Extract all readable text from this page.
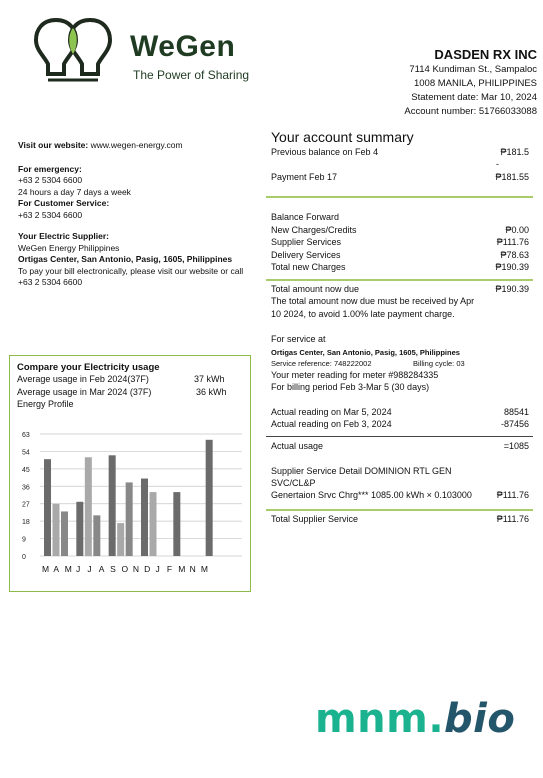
WeGen
The Power of Sharing
DASDEN RX INC
7114 Kundiman St., Sampaloc
1008 MANILA, PHILIPPINES
Statement date: Mar 10, 2024
Account number: 51766033088
Visit our website: www.wegen-energy.com
For emergency:
+63 2 5304 6600
24 hours a day 7 days a week
For Customer Service:
+63 2 5304 6600
Your Electric Supplier:
WeGen Energy Philippines
Ortigas Center, San Antonio, Pasig, 1605, Philippines
To pay your bill electronically, please visit our website or call
+63 2 5304 6600
Your account summary
Previous balance on Feb 4	₱181.5
-
Payment Feb 17	₱181.55
Balance Forward
New Charges/Credits	₱0.00
Supplier Services	₱111.76
Delivery Services	₱78.63
Total new Charges	₱190.39
Total amount now due	₱190.39
The total amount now due must be received by Apr
10 2024, to avoid 1.00% late payment charge.
For service at
Ortigas Center, San Antonio, Pasig, 1605, Philippines
Service reference: 748222002	Billing cycle: 03
Your meter reading for meter #988284335
For billing period Feb 3-Mar 5 (30 days)
Actual reading on Mar 5, 2024	88541
Actual reading on Feb 3, 2024	-87456
Actual usage	=1085
Supplier Service Detail DOMINION RTL GEN
SVC/CL&P
Genertaion Srvc Chrg*** 1085.00 kWh × 0.103000	₱111.76
Total Supplier Service	₱111.76
Compare your Electricity usage
Average usage in Feb 2024(37F)	37 kWh
Average usage in Mar 2024 (37F)	36 kWh
Energy Profile
0
9
18
27
36
45
54
63
M A M J J A S O N D J F M N M
mnm.bio
